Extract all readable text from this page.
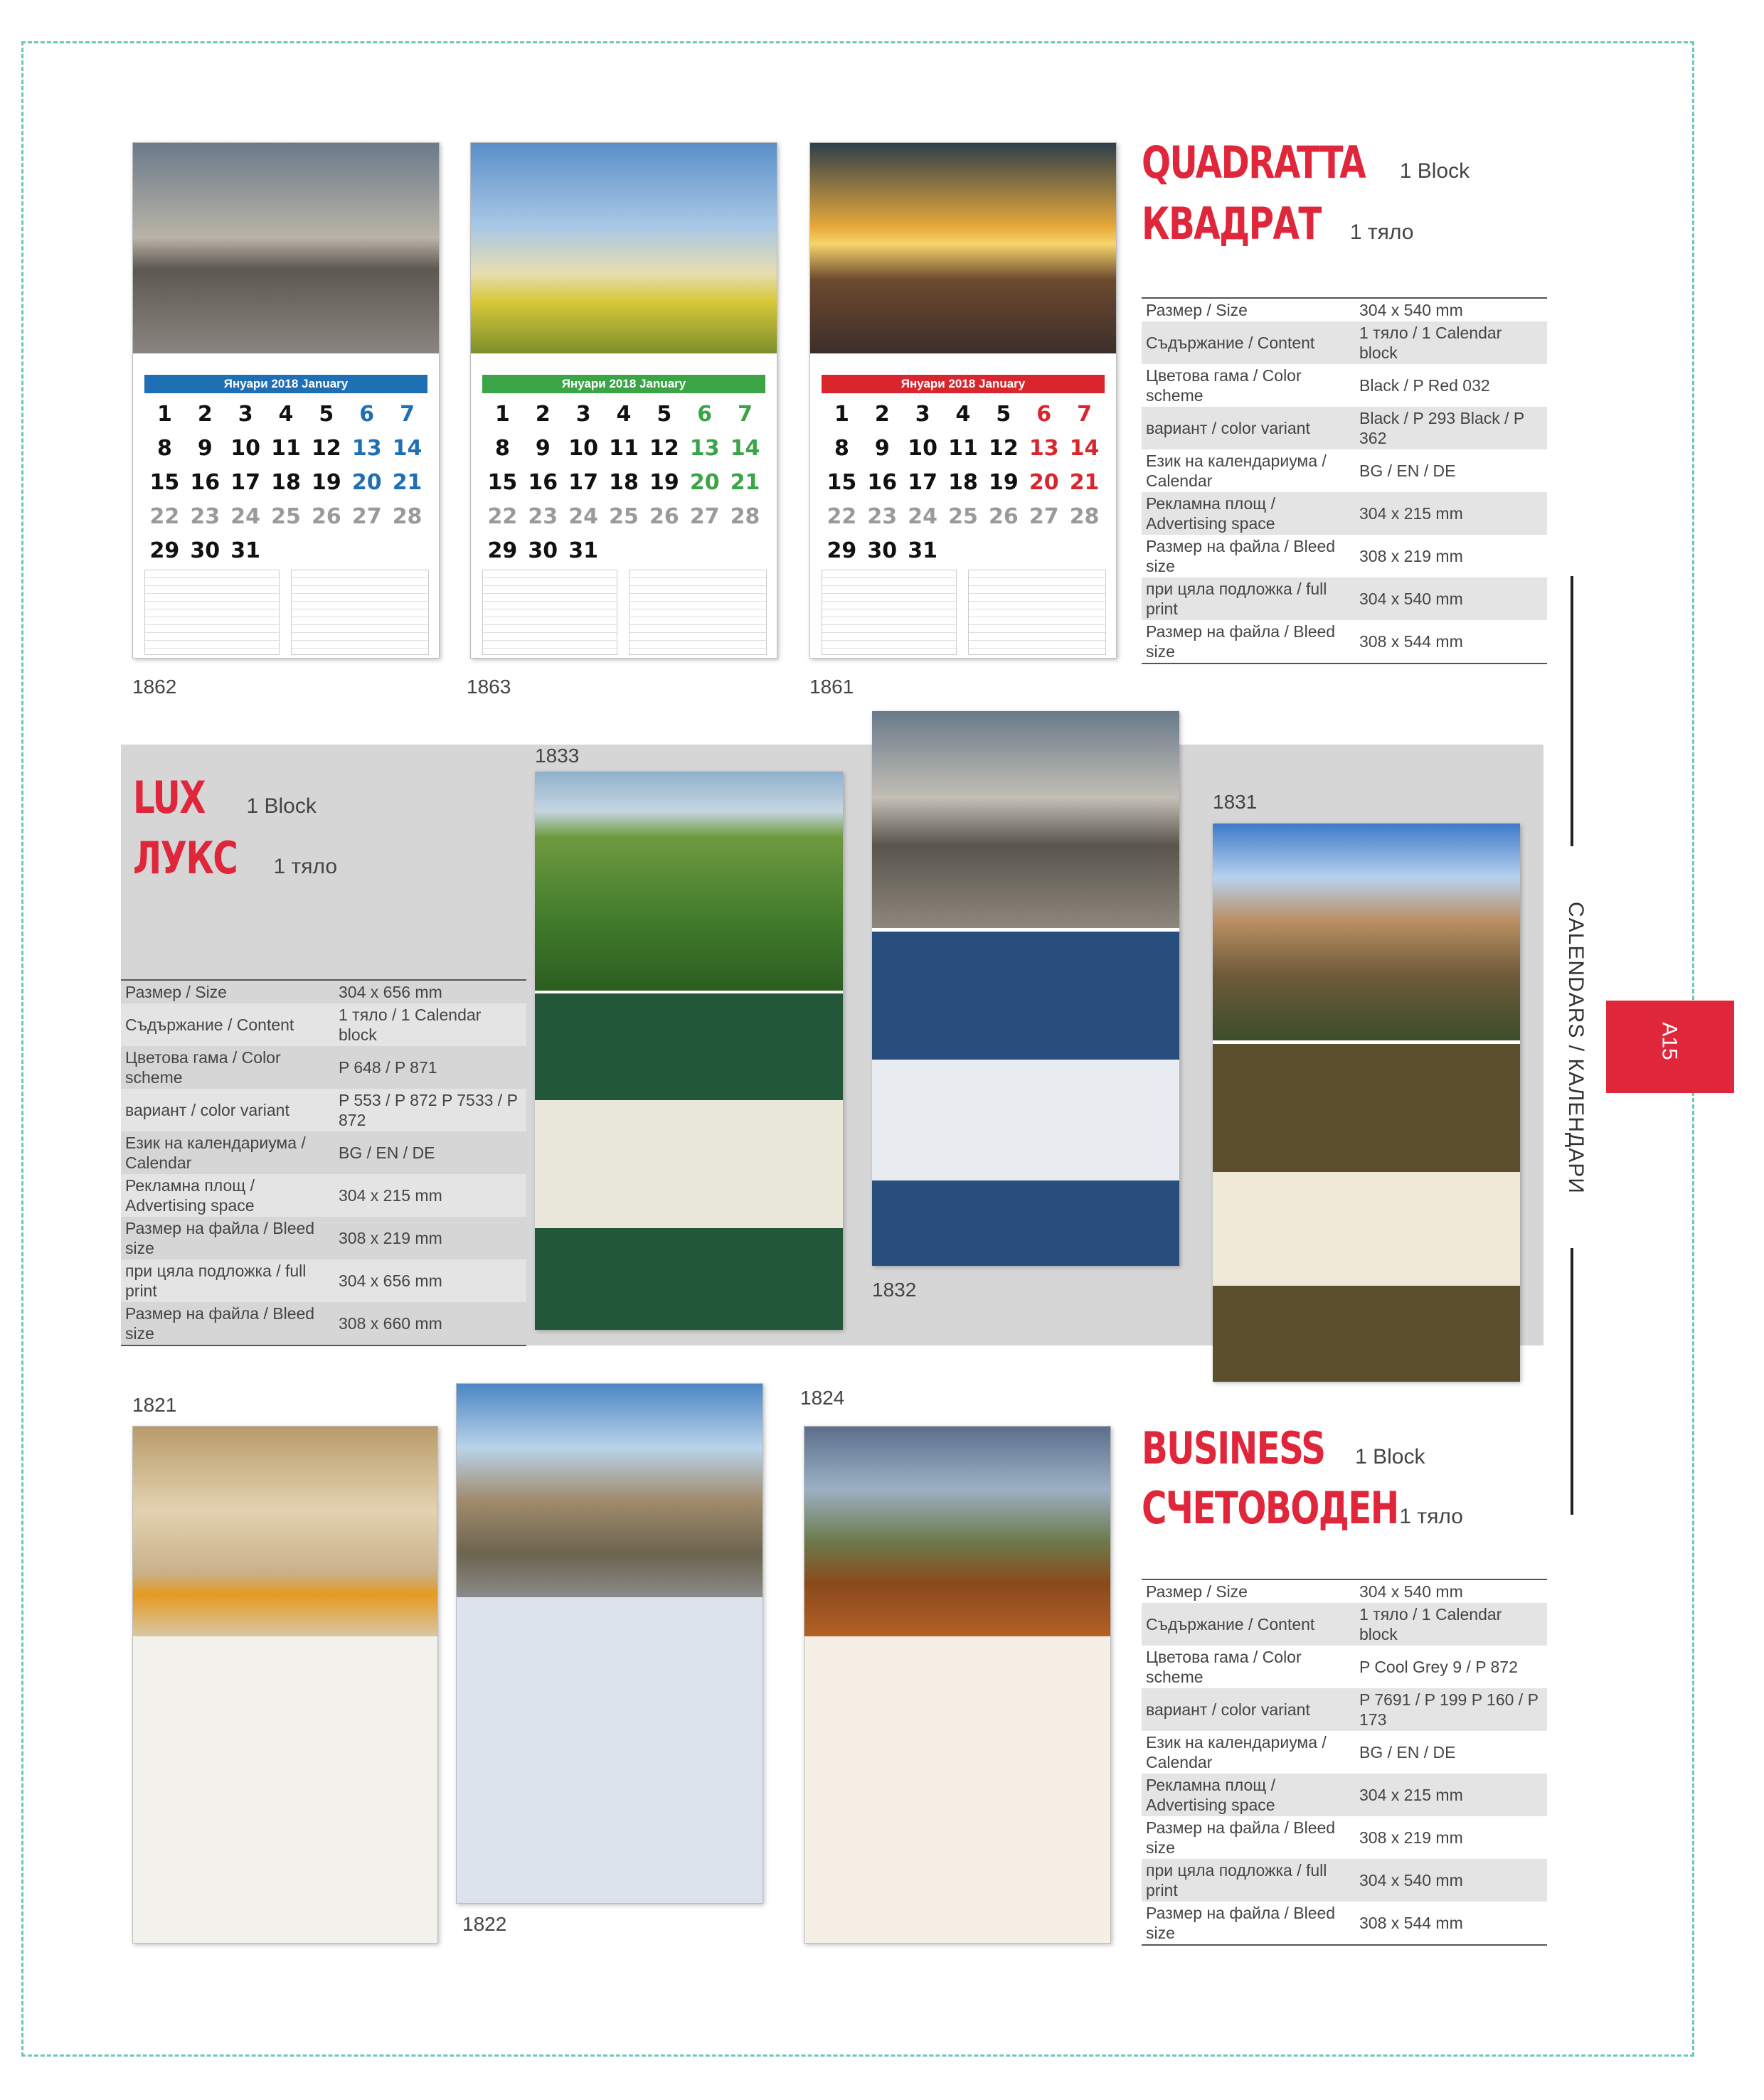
QUADRATTA 1 Block
КВАДРАТ 1 тяло
Размер / Size	304 x 540 mm
Съдържание / Content	1 тяло / 1 Calendar block
Цветова гама / Color scheme	Black / P Red 032
вариант / color variant	Black / P 293 Black / P 362
Език на календариума / Calendar	BG / EN / DE
Рекламна площ / Advertising space	304 x 215 mm
Размер на файла / Bleed size	308 x 219 mm
при цяла подложка / full print	304 x 540 mm
Размер на файла / Bleed size	308 x 544 mm
LUX 1 Block
ЛУКС 1 тяло
Размер / Size	304 x 656 mm
Съдържание / Content	1 тяло / 1 Calendar block
Цветова гама / Color scheme	P 648 / P 871
вариант / color variant	P 553 / P 872 P 7533 / P 872
Език на календариума / Calendar	BG / EN / DE
Рекламна площ / Advertising space	304 x 215 mm
Размер на файла / Bleed size	308 x 219 mm
при цяла подложка / full print	304 x 656 mm
Размер на файла / Bleed size	308 x 660 mm
BUSINESS 1 Block
СЧЕТОВОДЕН1 тяло
Размер / Size	304 x 540 mm
Съдържание / Content	1 тяло / 1 Calendar block
Цветова гама / Color scheme	P Cool Grey 9 / P 872
вариант / color variant	P 7691 / P 199 P 160 / P 173
Език на календариума / Calendar	BG / EN / DE
Рекламна площ / Advertising space	304 x 215 mm
Размер на файла / Bleed size	308 x 219 mm
при цяла подложка / full print	304 x 540 mm
Размер на файла / Bleed size	308 x 544 mm
CALENDARS / КАЛЕНДАРИ	A15
Януари 2018 January
1	2	3	4	5	6	7
8	9 10 11 12 13 14
15 16 17 18 19 20 21
22 23 24 25 26 27 28
29 30 31
Януари 2018 January
1	2	3	4	5	6	7
8	9 10 11 12 13 14
15 16 17 18 19 20 21
22 23 24 25 26 27 28
29 30 31
Януари 2018 January
1	2	3	4	5	6	7
8	9 10 11 12 13 14
15 16 17 18 19 20 21
22 23 24 25 26 27 28
29 30 31
1862	1863	1861
1833
1832
1831
1821
1822
1824
